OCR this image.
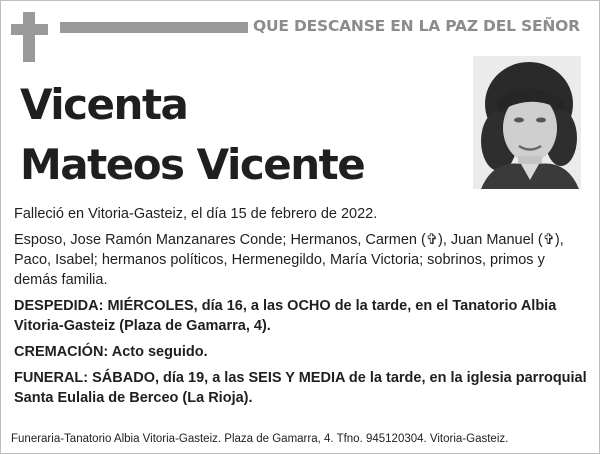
QUE DESCANSE EN LA PAZ DEL SEÑOR
Vicenta
Mateos Vicente

Falleció en Vitoria-Gasteiz, el día 15 de febrero de 2022.

Esposo, Jose Ramón Manzanares Conde; Hermanos, Carmen (✞), Juan Manuel (✞), Paco, Isabel; hermanos políticos, Hermenegildo, María Victoria; sobrinos, primos y demás familia.

DESPEDIDA: MIÉRCOLES, día 16, a las OCHO de la tarde, en el Tanatorio Albia Vitoria-Gasteiz (Plaza de Gamarra, 4).

CREMACIÓN: Acto seguido.

FUNERAL: SÁBADO, día 19, a las SEIS Y MEDIA de la tarde, en la iglesia parroquial Santa Eulalia de Berceo (La Rioja).

Funeraria-Tanatorio Albia Vitoria-Gasteiz. Plaza de Gamarra, 4. Tfno. 945120304. Vitoria-Gasteiz.
